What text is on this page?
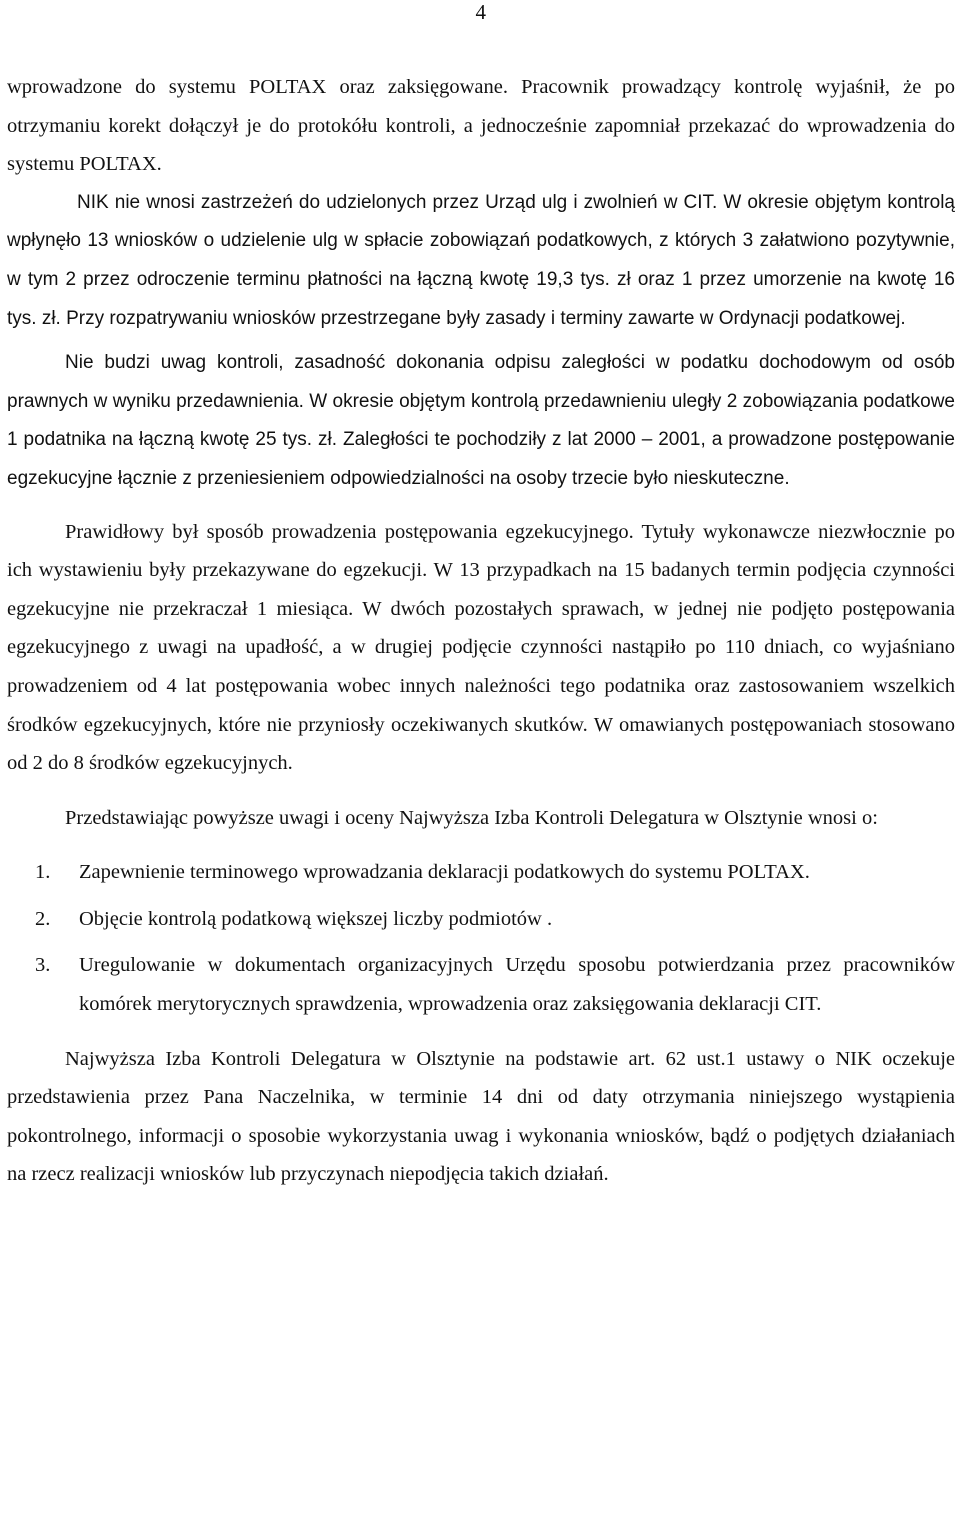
4

wprowadzone do systemu POLTAX oraz zaksięgowane. Pracownik prowadzący kontrolę wyjaśnił, że po otrzymaniu korekt dołączył je do protokółu kontroli, a jednocześnie zapomniał przekazać do wprowadzenia do systemu POLTAX.

NIK nie wnosi zastrzeżeń do udzielonych przez Urząd ulg i zwolnień w CIT. W okresie objętym kontrolą wpłynęło 13 wniosków o udzielenie ulg w spłacie zobowiązań podatkowych, z których 3 załatwiono pozytywnie, w tym 2 przez odroczenie terminu płatności na łączną kwotę 19,3 tys. zł oraz 1 przez umorzenie na kwotę 16 tys. zł. Przy rozpatrywaniu wniosków przestrzegane były zasady i terminy zawarte w Ordynacji podatkowej.

Nie budzi uwag kontroli, zasadność dokonania odpisu zaległości w podatku dochodowym od osób prawnych w wyniku przedawnienia. W okresie objętym kontrolą przedawnieniu uległy 2 zobowiązania podatkowe 1 podatnika na łączną kwotę 25 tys. zł. Zaległości te pochodziły z lat 2000 – 2001, a prowadzone postępowanie egzekucyjne łącznie z przeniesieniem odpowiedzialności na osoby trzecie było nieskuteczne.

Prawidłowy był sposób prowadzenia postępowania egzekucyjnego. Tytuły wykonawcze niezwłocznie po ich wystawieniu były przekazywane do egzekucji. W 13 przypadkach na 15 badanych termin podjęcia czynności egzekucyjne nie przekraczał 1 miesiąca. W dwóch pozostałych sprawach, w jednej nie podjęto postępowania egzekucyjnego z uwagi na upadłość, a w drugiej podjęcie czynności nastąpiło po 110 dniach, co wyjaśniano prowadzeniem od 4 lat postępowania wobec innych należności tego podatnika oraz zastosowaniem wszelkich środków egzekucyjnych, które nie przyniosły oczekiwanych skutków. W omawianych postępowaniach stosowano od 2 do 8 środków egzekucyjnych.

Przedstawiając powyższe uwagi i oceny Najwyższa Izba Kontroli Delegatura w Olsztynie wnosi o:

1.	Zapewnienie terminowego wprowadzania deklaracji podatkowych do systemu POLTAX.
2.	Objęcie kontrolą podatkową większej liczby podmiotów .
3.	Uregulowanie w dokumentach organizacyjnych Urzędu sposobu potwierdzania przez pracowników komórek merytorycznych sprawdzenia, wprowadzenia oraz zaksięgowania deklaracji CIT.

Najwyższa Izba Kontroli Delegatura w Olsztynie na podstawie art. 62 ust.1 ustawy o NIK oczekuje przedstawienia przez Pana Naczelnika, w terminie 14 dni od daty otrzymania niniejszego wystąpienia pokontrolnego, informacji o sposobie wykorzystania uwag i wykonania wniosków, bądź o podjętych działaniach na rzecz realizacji wniosków lub przyczynach niepodjęcia takich działań.
